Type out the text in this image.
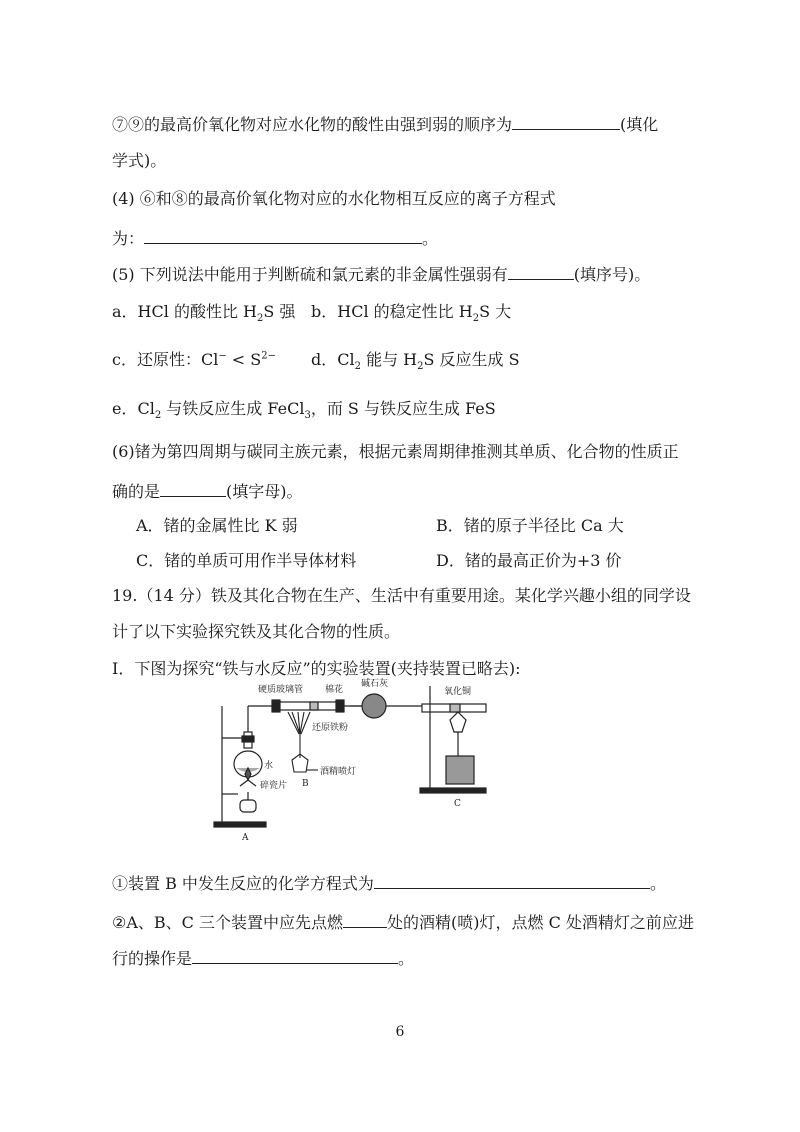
⑦⑨的最高价氧化物对应水化物的酸性由强到弱的顺序为	(填化
学式)。
(4) ⑥和⑧的最高价氧化物对应的水化物相互反应的离子方程式
为：	。
(5) 下列说法中能用于判断硫和氯元素的非金属性强弱有	(填序号)。
a．HCl 的酸性比 $H_2S$ 强 b．HCl 的稳定性比 $H_2S$ 大
c．还原性：$Cl^- < S^{2-}$ d．$Cl_2$ 能与 $H_2S$ 反应生成 S
e．$Cl_2$ 与铁反应生成 FeCl$_3$，而 S 与铁反应生成 FeS
(6)锗为第四周期与碳同主族元素，根据元素周期律推测其单质、化合物的性质正
确的是	(填字母)。
A．锗的金属性比 K 弱	B．锗的原子半径比 Ca 大
C．锗的单质可用作半导体材料	D．锗的最高正价为+3 价
19.（14 分）铁及其化合物在生产、生活中有重要用途。某化学兴趣小组的同学设
计了以下实验探究铁及其化合物的性质。
I．下图为探究“铁与水反应”的实验装置(夹持装置已略去):
硬质玻璃管 棉花
碱石灰
氧化铜
还原铁粉
水
碎瓷片
酒精喷灯
A
B
C
①装置 B 中发生反应的化学方程式为	。
②A、B、C 三个装置中应先点燃	处的酒精(喷)灯，点燃 C 处酒精灯之前应进
行的操作是	。
6
